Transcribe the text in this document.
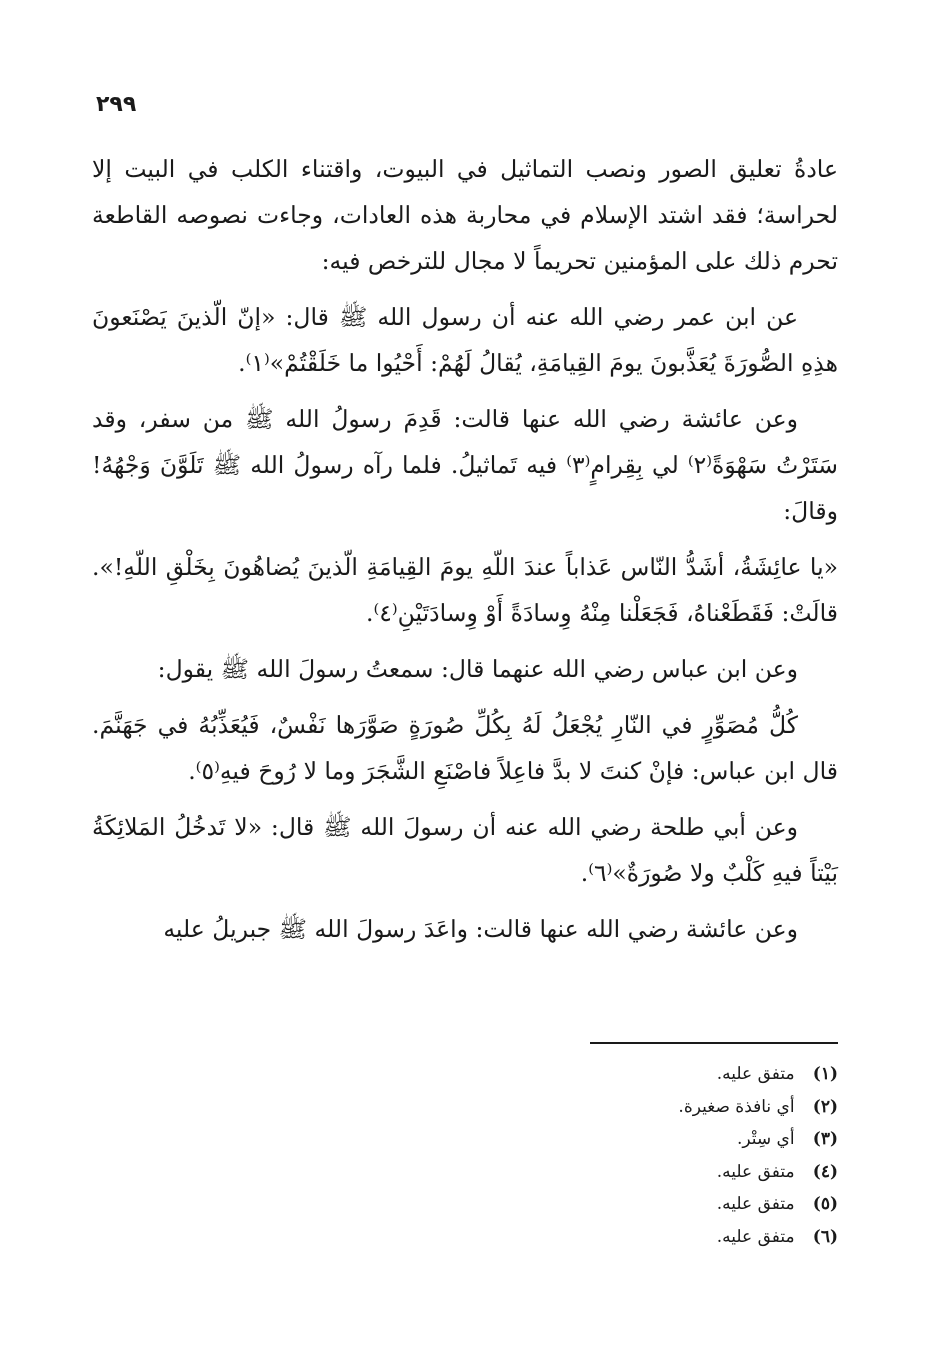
٢٩٩

عادةُ تعليق الصور ونصب التماثيل في البيوت، واقتناء الكلب في البيت إلا لحراسة؛ فقد اشتد الإسلام في محاربة هذه العادات، وجاءت نصوصه القاطعة تحرم ذلك على المؤمنين تحريماً لا مجال للترخص فيه:

عن ابن عمر رضي الله عنه أن رسول الله ﷺ قال: «إنّ الّذينَ يَصْنَعونَ هذِهِ الصُّورَةَ يُعَذَّبونَ يومَ القِيامَةِ، يُقالُ لَهُمْ: أَحْيُوا ما خَلَقْتُمْ»⁽١⁾.

وعن عائشة رضي الله عنها قالت: قَدِمَ رسولُ الله ﷺ من سفر، وقد سَتَرْتُ سَهْوَةً⁽٢⁾ لي بِقِرامٍ⁽٣⁾ فيه تَماثيلُ. فلما رآه رسولُ الله ﷺ تَلَوَّنَ وَجْهُهُ! وقالَ:

«يا عائِشَةُ، أشَدُّ النّاس عَذاباً عندَ اللّهِ يومَ القِيامَةِ الّذينَ يُضاهُونَ بِخَلْقِ اللّهِ!». قالَتْ: فَقَطَعْناهُ، فَجَعَلْنا مِنْهُ وِسادَةً أَوْ وِسادَتَيْنِ⁽٤⁾.

وعن ابن عباس رضي الله عنهما قال: سمعتُ رسولَ الله ﷺ يقول:

كُلُّ مُصَوِّرٍ في النّارِ يُجْعَلُ لَهُ بِكُلِّ صُورَةٍ صَوَّرَها نَفْسٌ، فَيُعَذِّبُهُ في جَهَنَّمَ. قال ابن عباس: فإنْ كنتَ لا بدَّ فاعِلاً فاصْنَعِ الشَّجَرَ وما لا رُوحَ فيهِ⁽٥⁾.

وعن أبي طلحة رضي الله عنه أن رسولَ الله ﷺ قال: «لا تَدخُلُ المَلائِكَةُ بَيْتاً فيهِ كَلْبٌ ولا صُورَةٌ»⁽٦⁾.

وعن عائشة رضي الله عنها قالت: واعَدَ رسولَ الله ﷺ جبريلُ عليه

(١) متفق عليه.
(٢) أي نافذة صغيرة.
(٣) أي سِتْر.
(٤) متفق عليه.
(٥) متفق عليه.
(٦) متفق عليه.
